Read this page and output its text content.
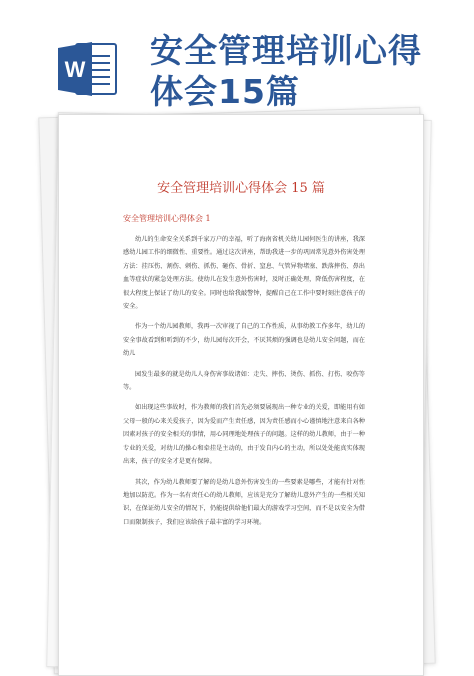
W 安全管理培训心得
体会15篇
安全管理培训心得体会 15 篇
安全管理培训心得体会 1

幼儿的生命安全关系到千家万户的幸福，听了海南省机关幼儿园何医生的讲座，我深感幼儿园工作的细微性、重要性。通过这次讲座，帮助我进一步的巩固常见意外伤害处理方法：挂压伤、割伤、刺伤、抓伤、砸伤、骨折、窒息、气管异物堵塞、跌落摔伤、鼻出血等症状的紧急处理方法。使幼儿在发生意外伤害时，及时正确处理，降低伤害程度，在很大程度上保证了幼儿的安全。同时也给我敲警钟，提醒自己在工作中要时刻注意孩子的安全。

作为一个幼儿园教师，我再一次审视了自己的工作性质，从事幼教工作多年，幼儿的安全事故看到和听到的不少，幼儿园每次开会，不厌其烦的强调也是幼儿安全问题，而在幼儿

园发生最多的就是幼儿人身伤害事故诸如：走失、摔伤、烫伤、抓伤、打伤、咬伤等等。

如出现这些事故时，作为教师的我们首先必须要展现出一种专业的关爱，即能用有如父母一般的心来关爱孩子，因为爱而产生责任感，因为责任感而小心谨慎地注意来自各种因素对孩子的安全相关的事情，用心同理地处理孩子的问题。这样的幼儿教师，由于一种专业的关爱，对幼儿的操心和牵挂是主动的，由于发自内心的主动，所以处处能真实体现出来，孩子的安全才是更有保障。

其次，作为幼儿教师要了解的是幼儿意外伤害发生的一些要素是哪些，才能有针对性地加以防范。作为一名有责任心的幼儿教师，应该是充分了解幼儿意外产生的一些相关知识，在保证幼儿安全的情况下，仍能提供给他们最大的游戏学习空间，而不是以安全为借口而限制孩子，我们应该给孩子最丰富的学习环境。
